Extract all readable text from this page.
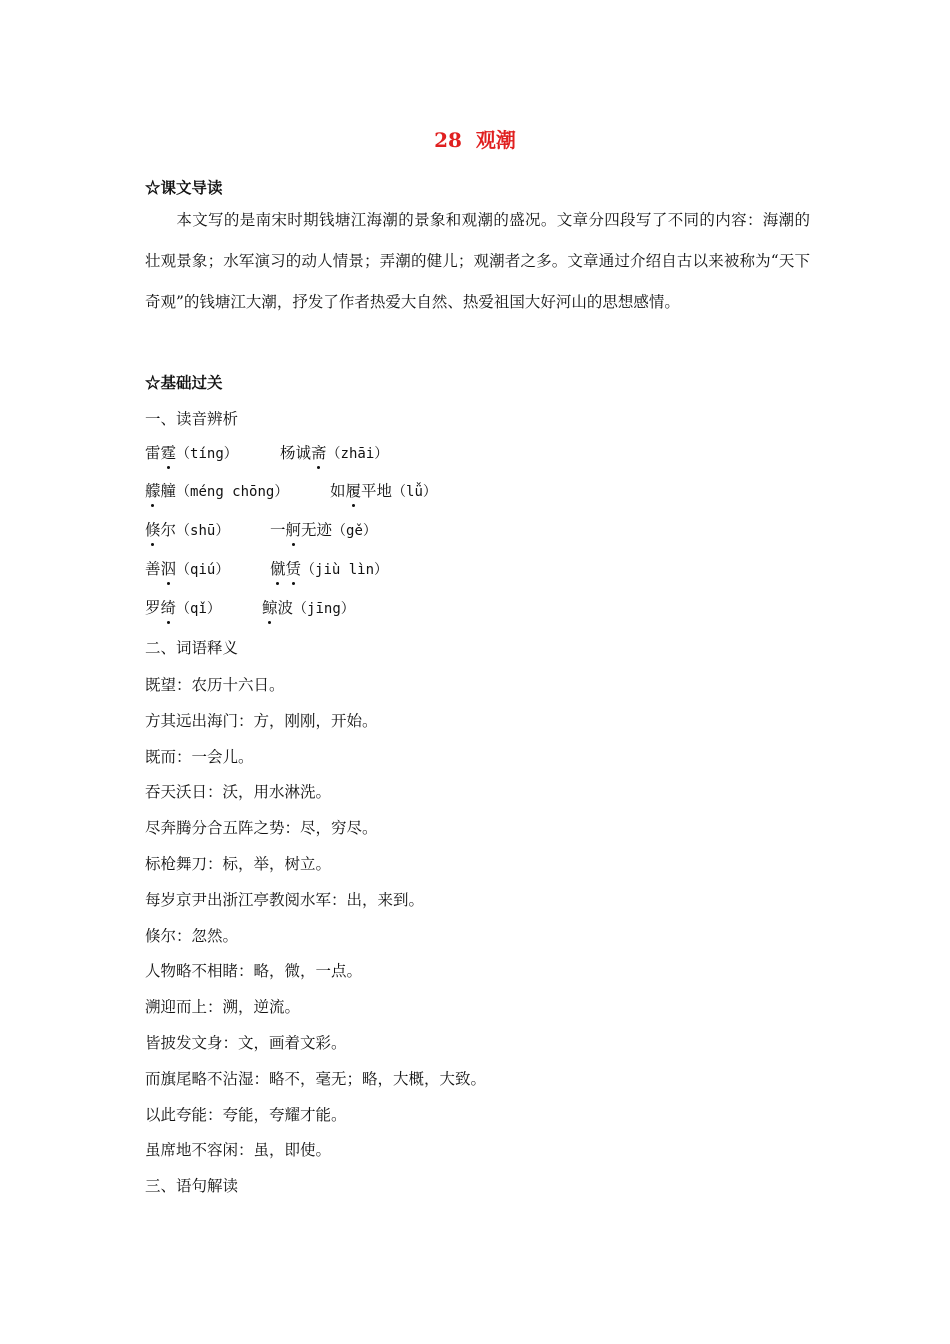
28 观潮
☆课文导读
本文写的是南宋时期钱塘江海潮的景象和观潮的盛况。文章分四段写了不同的内容：海潮的壮观景象；水军演习的动人情景；弄潮的健儿；观潮者之多。文章通过介绍自古以来被称为“天下奇观”的钱塘江大潮，抒发了作者热爱大自然、热爱祖国大好河山的思想感情。
☆基础过关
一、读音辨析
雷霆（tíng）	杨诚斋（zhāi）
艨艟（méng chōng）	如履平地（lǚ）
倏尔（shū）	一舸无迹（gě）
善泅（qiú）	僦赁（jiù lìn）
罗绮（qǐ）	鲸波（jīng）
二、词语释义
既望：农历十六日。
方其远出海门：方，刚刚，开始。
既而：一会儿。
吞天沃日：沃，用水淋洗。
尽奔腾分合五阵之势：尽，穷尽。
标枪舞刀：标，举，树立。
每岁京尹出浙江亭教阅水军：出，来到。
倏尔：忽然。
人物略不相睹：略，微，一点。
溯迎而上：溯，逆流。
皆披发文身：文，画着文彩。
而旗尾略不沾湿：略不，毫无；略，大概，大致。
以此夸能：夸能，夸耀才能。
虽席地不容闲：虽，即使。
三、语句解读
